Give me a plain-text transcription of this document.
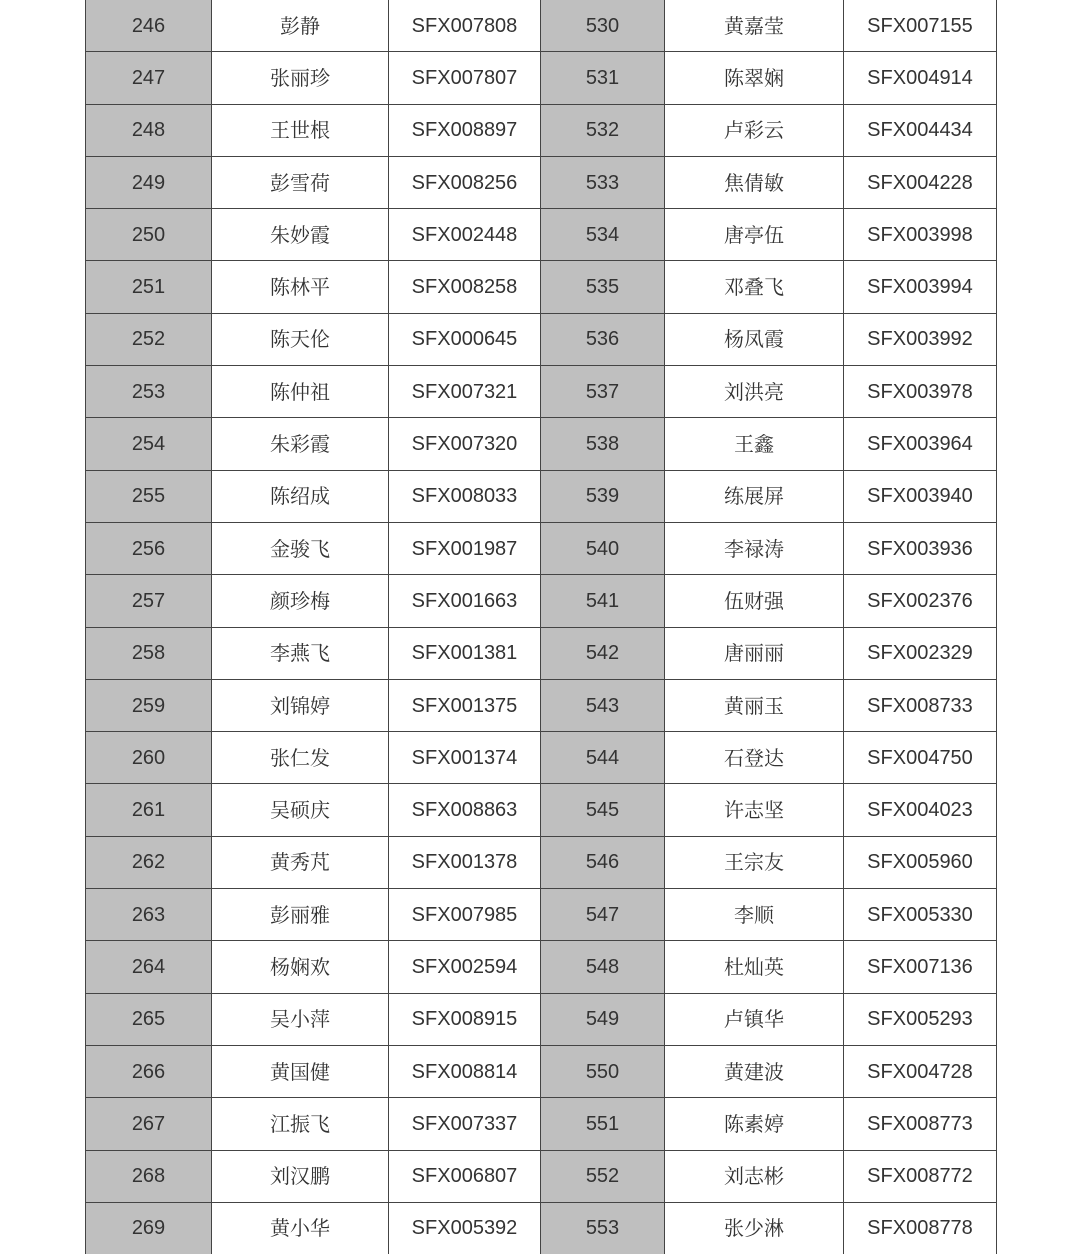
246	彭静	SFX007808	530	黄嘉莹	SFX007155
247	张丽珍	SFX007807	531	陈翠娴	SFX004914
248	王世根	SFX008897	532	卢彩云	SFX004434
249	彭雪荷	SFX008256	533	焦倩敏	SFX004228
250	朱妙霞	SFX002448	534	唐亭伍	SFX003998
251	陈林平	SFX008258	535	邓叠飞	SFX003994
252	陈天伦	SFX000645	536	杨凤霞	SFX003992
253	陈仲祖	SFX007321	537	刘洪亮	SFX003978
254	朱彩霞	SFX007320	538	王鑫	SFX003964
255	陈绍成	SFX008033	539	练展屏	SFX003940
256	金骏飞	SFX001987	540	李禄涛	SFX003936
257	颜珍梅	SFX001663	541	伍财强	SFX002376
258	李燕飞	SFX001381	542	唐丽丽	SFX002329
259	刘锦婷	SFX001375	543	黄丽玉	SFX008733
260	张仁发	SFX001374	544	石登达	SFX004750
261	吴硕庆	SFX008863	545	许志坚	SFX004023
262	黄秀芃	SFX001378	546	王宗友	SFX005960
263	彭丽雅	SFX007985	547	李顺	SFX005330
264	杨娴欢	SFX002594	548	杜灿英	SFX007136
265	吴小萍	SFX008915	549	卢镇华	SFX005293
266	黄国健	SFX008814	550	黄建波	SFX004728
267	江振飞	SFX007337	551	陈素婷	SFX008773
268	刘汉鹏	SFX006807	552	刘志彬	SFX008772
269	黄小华	SFX005392	553	张少淋	SFX008778
